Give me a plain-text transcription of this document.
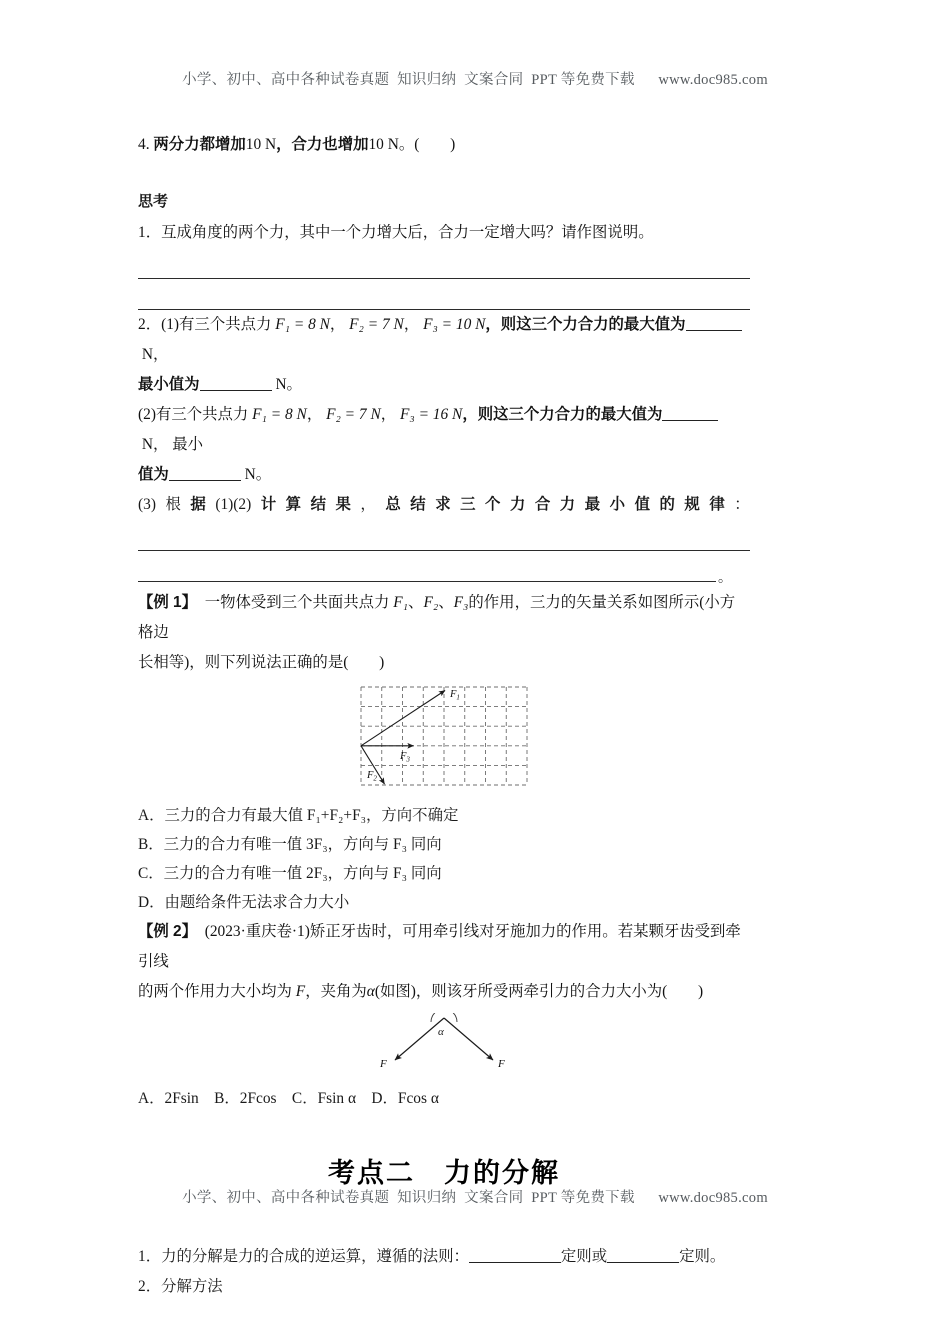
小学、初中、高中各种试卷真题  知识归纳  文案合同  PPT 等免费下载      www.doc985.com
4. 两分力都增加10 N，合力也增加10 N。(　　)
思考
1．互成角度的两个力，其中一个力增大后，合力一定增大吗？请作图说明。
2．(1)有三个共点力 F₁ = 8 N， F₂ = 7 N， F₃ = 10 N，则这三个力合力的最大值为 N，
最小值为	N。
(2)有三个共点力 F₁ = 8 N， F₂ = 7 N， F₃ = 16 N，则这三个力合力的最大值为 N， 最小
值为	N。
(3) 根 据 (1)(2) 计 算 结 果 ， 总 结 求 三 个 力 合 力 最 小 值 的 规 律 ：
。
【例 1】 一物体受到三个共面共点力 F₁、F₂、F₃的作用，三力的矢量关系如图所示(小方格边
长相等)，则下列说法正确的是(　　)
$F_1$
$F_3$
$F_2$
A．三力的合力有最大值 F₁+F₂+F₃，方向不确定
B．三力的合力有唯一值 3F₃，方向与 F₃ 同向
C．三力的合力有唯一值 2F₃，方向与 F₃ 同向
D．由题给条件无法求合力大小
【例 2】 (2023·重庆卷·1)矫正牙齿时，可用牵引线对牙施加力的作用。若某颗牙齿受到牵引线
的两个作用力大小均为 F，夹角为α(如图)，则该牙所受两牵引力的合力大小为(　　)
α
F	F
A．2Fsin　B．2Fcos　C．Fsin α　D．Fcos α
考点二　力的分解
1．力的分解是力的合成的逆运算，遵循的法则：	定则或	定则。
2．分解方法
小学、初中、高中各种试卷真题  知识归纳  文案合同  PPT 等免费下载      www.doc985.com
